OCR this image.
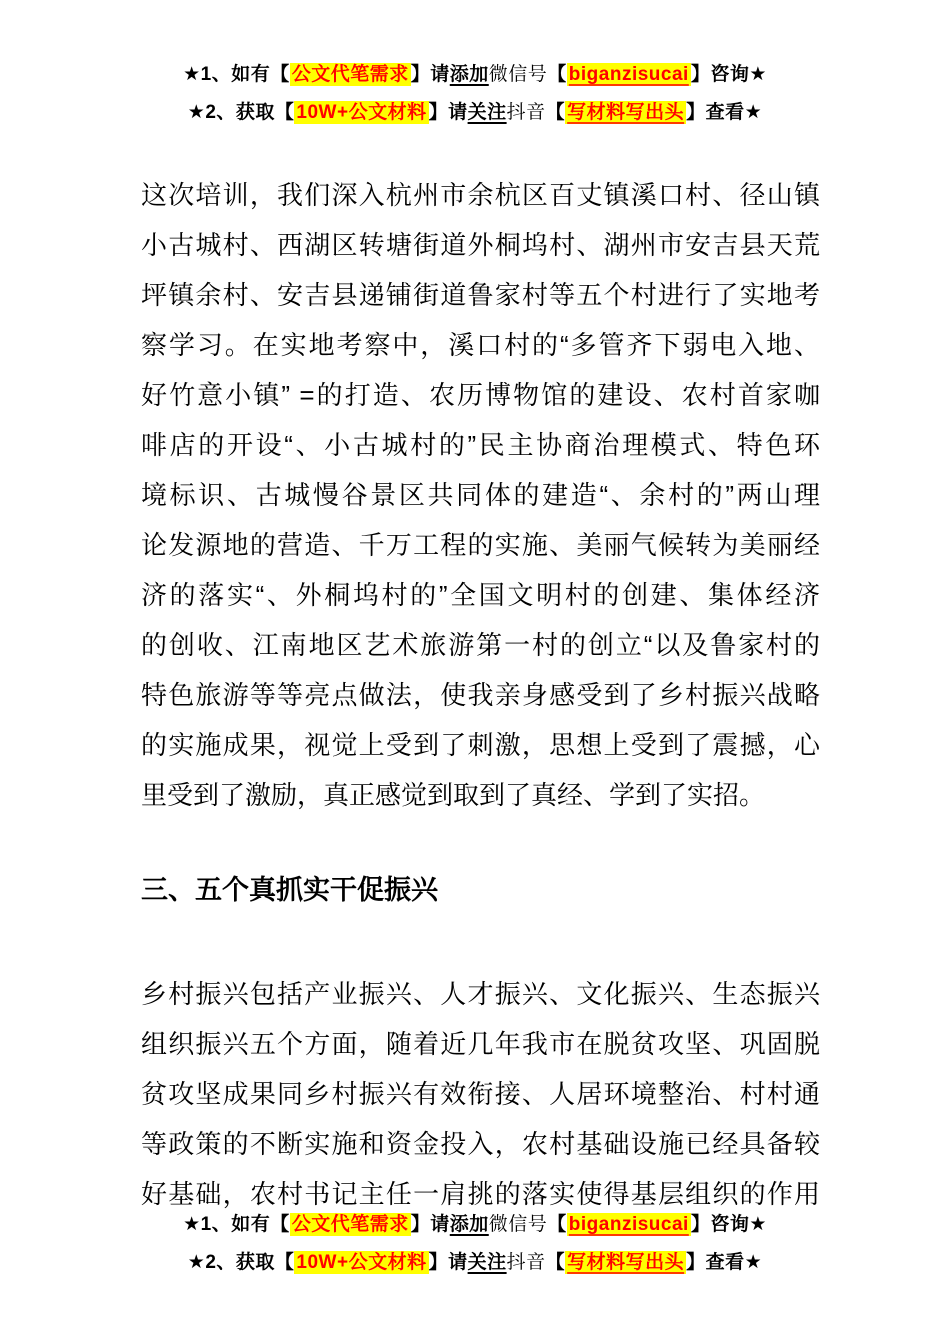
★1、如有【 公文代笔需求 】请添加微信号【 biganzisucai 】咨询★
★2、获取【 10W+公文材料 】请关注抖音【 写材料写出头 】查看★
这次培训，我们深入杭州市余杭区百丈镇溪口村、径山镇
小古城村、西湖区转塘街道外桐坞村、湖州市安吉县天荒
坪镇余村、安吉县递铺街道鲁家村等五个村进行了实地考
察学习。在实地考察中，溪口村的“多管齐下弱电入地、
好竹意小镇” =的打造、农历博物馆的建设、农村首家咖
啡店的开设“、小古城村的”民主协商治理模式、特色环
境标识、古城慢谷景区共同体的建造“、余村的”两山理
论发源地的营造、千万工程的实施、美丽气候转为美丽经
济的落实“、外桐坞村的”全国文明村的创建、集体经济
的创收、江南地区艺术旅游第一村的创立“以及鲁家村的
特色旅游等等亮点做法，使我亲身感受到了乡村振兴战略
的实施成果，视觉上受到了刺激，思想上受到了震撼，心
里受到了激励，真正感觉到取到了真经、学到了实招。
三、五个真抓实干促振兴
乡村振兴包括产业振兴、人才振兴、文化振兴、生态振兴
组织振兴五个方面，随着近几年我市在脱贫攻坚、巩固脱
贫攻坚成果同乡村振兴有效衔接、人居环境整治、村村通
等政策的不断实施和资金投入，农村基础设施已经具备较
好基础，农村书记主任一肩挑的落实使得基层组织的作用
★1、如有【 公文代笔需求 】请添加微信号【 biganzisucai 】咨询★
★2、获取【 10W+公文材料 】请关注抖音【 写材料写出头 】查看★
